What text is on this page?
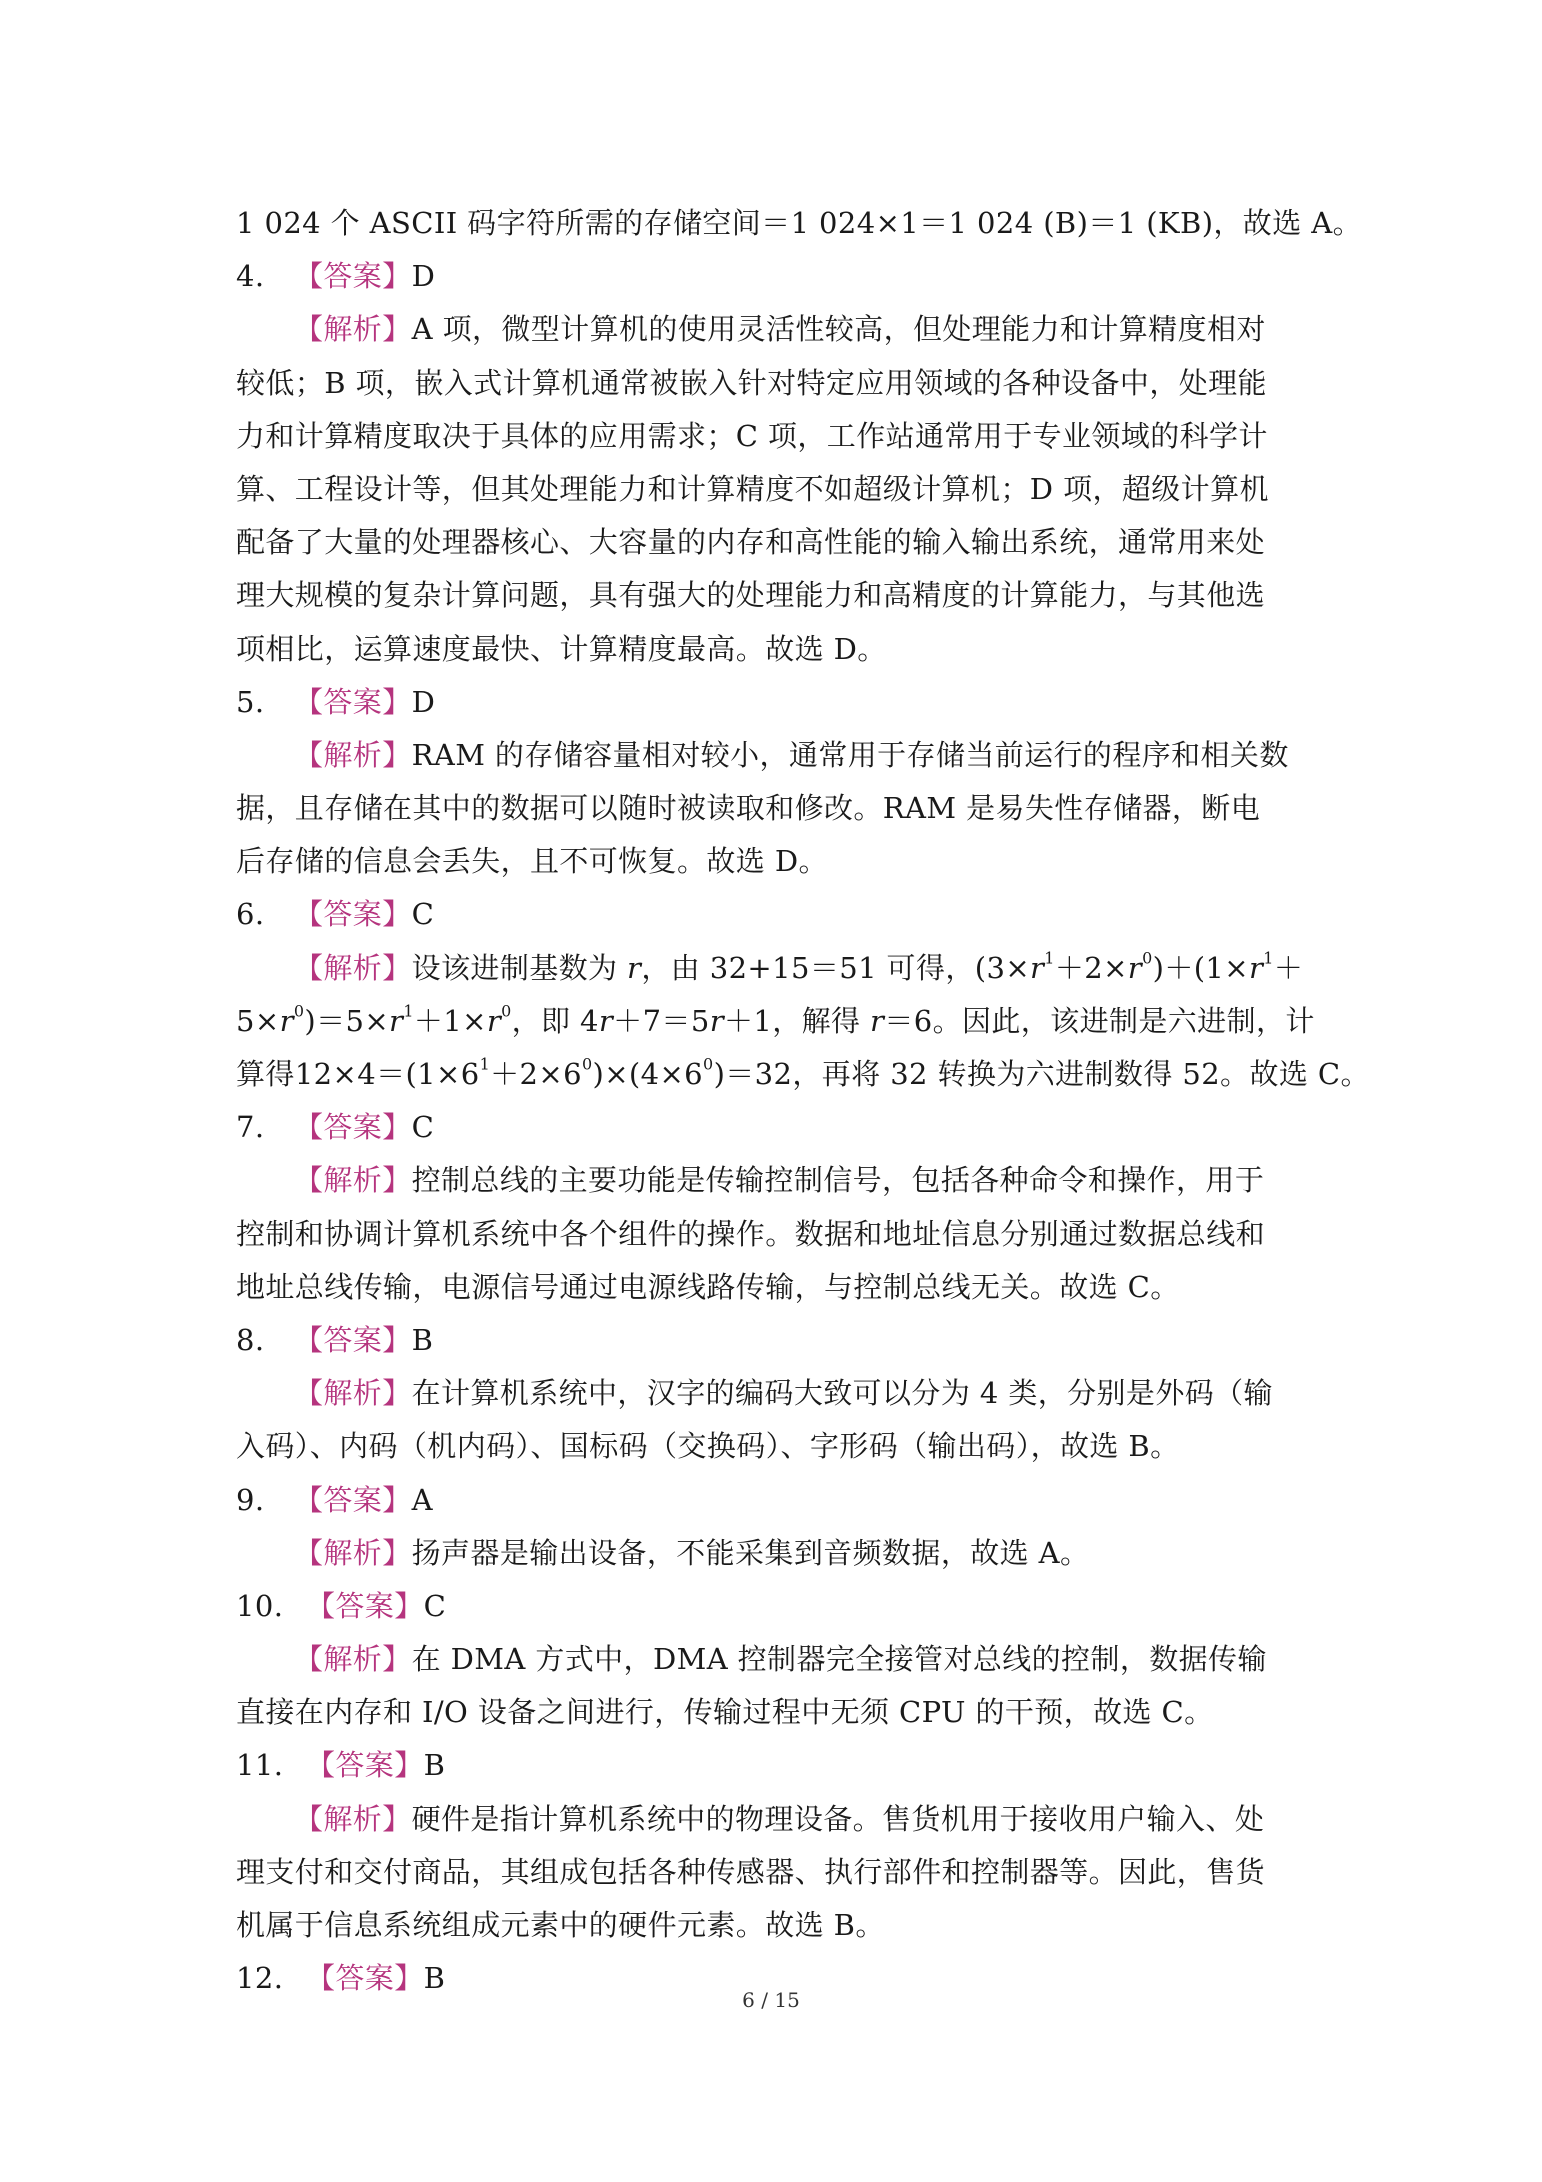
1 024 个 ASCII 码字符所需的存储空间＝1 024×1＝1 024 (B)＝1 (KB)，故选 A。
4. 【答案】D
【解析】A 项，微型计算机的使用灵活性较高，但处理能力和计算精度相对
较低；B 项，嵌入式计算机通常被嵌入针对特定应用领域的各种设备中，处理能
力和计算精度取决于具体的应用需求；C 项，工作站通常用于专业领域的科学计
算、工程设计等，但其处理能力和计算精度不如超级计算机；D 项，超级计算机
配备了大量的处理器核心、大容量的内存和高性能的输入输出系统，通常用来处
理大规模的复杂计算问题，具有强大的处理能力和高精度的计算能力，与其他选
项相比，运算速度最快、计算精度最高。故选 D。
5. 【答案】D
【解析】RAM 的存储容量相对较小，通常用于存储当前运行的程序和相关数
据，且存储在其中的数据可以随时被读取和修改。RAM 是易失性存储器，断电
后存储的信息会丢失，且不可恢复。故选 D。
6. 【答案】C
【解析】设该进制基数为 r，由 32+15＝51 可得，$(3\times r^1+2\times r^0)+(1\times r^1+$
$5\times r^0)=5\times r^1+1\times r^0$，即 4r＋7＝5r＋1，解得 r＝6。因此，该进制是六进制，计
算得$12\times 4=(1\times 6^1+2\times 6^0)\times(4\times 6^0)=32$，再将 32 转换为六进制数得 52。故选 C。
7. 【答案】C
【解析】控制总线的主要功能是传输控制信号，包括各种命令和操作，用于
控制和协调计算机系统中各个组件的操作。数据和地址信息分别通过数据总线和
地址总线传输，电源信号通过电源线路传输，与控制总线无关。故选 C。
8. 【答案】B
【解析】在计算机系统中，汉字的编码大致可以分为 4 类，分别是外码（输
入码）、内码（机内码）、国标码（交换码）、字形码（输出码），故选 B。
9. 【答案】A
【解析】扬声器是输出设备，不能采集到音频数据，故选 A。
10. 【答案】C
【解析】在 DMA 方式中，DMA 控制器完全接管对总线的控制，数据传输
直接在内存和 I/O 设备之间进行，传输过程中无须 CPU 的干预，故选 C。
11. 【答案】B
【解析】硬件是指计算机系统中的物理设备。售货机用于接收用户输入、处
理支付和交付商品，其组成包括各种传感器、执行部件和控制器等。因此，售货
机属于信息系统组成元素中的硬件元素。故选 B。
12. 【答案】B
6 / 15
